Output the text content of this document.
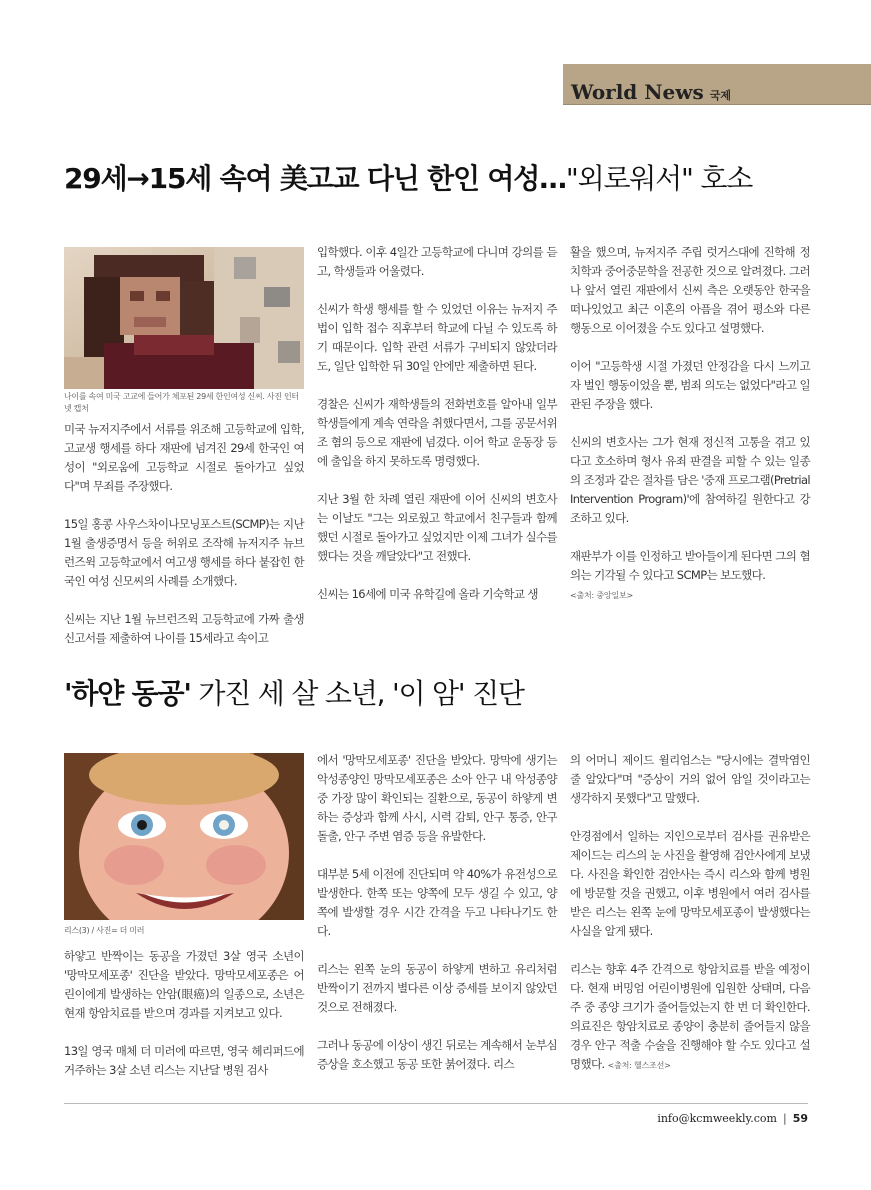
World News 국제
29세→15세 속여 美고교 다닌 한인 여성…"외로워서" 호소
나이를 속여 미국 고교에 들어가 체포된 29세 한인여성 신씨. 사진 인터넷 캡처

미국 뉴저지주에서 서류를 위조해 고등학교에 입학, 고교생 행세를 하다 재판에 넘겨진 29세 한국인 여성이 "외로움에 고등학교 시절로 돌아가고 싶었다"며 무죄를 주장했다.

15일 홍콩 사우스차이나모닝포스트(SCMP)는 지난 1월 출생증명서 등을 허위로 조작해 뉴저지주 뉴브런즈윅 고등학교에서 여고생 행세를 하다 붙잡힌 한국인 여성 신모씨의 사례를 소개했다.

신씨는 지난 1월 뉴브런즈윅 고등학교에 가짜 출생신고서를 제출하여 나이를 15세라고 속이고

입학했다. 이후 4일간 고등학교에 다니며 강의를 듣고, 학생들과 어울렸다.

신씨가 학생 행세를 할 수 있었던 이유는 뉴저지 주법이 입학 접수 직후부터 학교에 다닐 수 있도록 하기 때문이다. 입학 관련 서류가 구비되지 않았더라도, 일단 입학한 뒤 30일 안에만 제출하면 된다.

경찰은 신씨가 재학생들의 전화번호를 알아내 일부 학생들에게 계속 연락을 취했다면서, 그를 공문서위조 혐의 등으로 재판에 넘겼다. 이어 학교 운동장 등에 출입을 하지 못하도록 명령했다.

지난 3월 한 차례 열린 재판에 이어 신씨의 변호사는 이날도 "그는 외로웠고 학교에서 친구들과 함께했던 시절로 돌아가고 싶었지만 이제 그녀가 실수를 했다는 것을 깨달았다"고 전했다.

신씨는 16세에 미국 유학길에 올라 기숙학교 생

활을 했으며, 뉴저지주 주립 럿거스대에 진학해 정치학과 중어중문학을 전공한 것으로 알려졌다. 그러나 앞서 열린 재판에서 신씨 측은 오랫동안 한국을 떠나있었고 최근 이혼의 아픔을 겪어 평소와 다른 행동으로 이어졌을 수도 있다고 설명했다.

이어 "고등학생 시절 가졌던 안정감을 다시 느끼고자 벌인 행동이었을 뿐, 범죄 의도는 없었다"라고 일관된 주장을 했다.

신씨의 변호사는 그가 현재 정신적 고통을 겪고 있다고 호소하며 형사 유죄 판결을 피할 수 있는 일종의 조정과 같은 절차를 담은 '중재 프로그램(Pretrial Intervention Program)'에 참여하길 원한다고 강조하고 있다.

재판부가 이를 인정하고 받아들이게 된다면 그의 혐의는 기각될 수 있다고 SCMP는 보도했다.
<출처: 중앙일보>

'하얀 동공' 가진 세 살 소년, '이 암' 진단
리스(3) / 사진= 더 미러

하얗고 반짝이는 동공을 가졌던 3살 영국 소년이 '망막모세포종' 진단을 받았다. 망막모세포종은 어린이에게 발생하는 안암(眼癌)의 일종으로, 소년은 현재 항암치료를 받으며 경과를 지켜보고 있다.

13일 영국 매체 더 미러에 따르면, 영국 헤리퍼드에 거주하는 3살 소년 리스는 지난달 병원 검사

에서 '망막모세포종' 진단을 받았다. 망막에 생기는 악성종양인 망막모세포종은 소아 안구 내 악성종양 중 가장 많이 확인되는 질환으로, 동공이 하얗게 변하는 증상과 함께 사시, 시력 감퇴, 안구 통증, 안구 돌출, 안구 주변 염증 등을 유발한다.

대부분 5세 이전에 진단되며 약 40%가 유전성으로 발생한다. 한쪽 또는 양쪽에 모두 생길 수 있고, 양쪽에 발생할 경우 시간 간격을 두고 나타나기도 한다.

리스는 왼쪽 눈의 동공이 하얗게 변하고 유리처럼 반짝이기 전까지 별다른 이상 증세를 보이지 않았던 것으로 전해졌다.

그러나 동공에 이상이 생긴 뒤로는 계속해서 눈부심 증상을 호소했고 동공 또한 붉어졌다. 리스

의 어머니 제이드 윌리엄스는 "당시에는 결막염인 줄 알았다"며 "증상이 거의 없어 암일 것이라고는 생각하지 못했다"고 말했다.

안경점에서 일하는 지인으로부터 검사를 권유받은 제이드는 리스의 눈 사진을 촬영해 검안사에게 보냈다. 사진을 확인한 검안사는 즉시 리스와 함께 병원에 방문할 것을 권했고, 이후 병원에서 여러 검사를 받은 리스는 왼쪽 눈에 망막모세포종이 발생했다는 사실을 알게 됐다.

리스는 향후 4주 간격으로 항암치료를 받을 예정이다. 현재 버밍엄 어린이병원에 입원한 상태며, 다음 주 중 종양 크기가 줄어들었는지 한 번 더 확인한다. 의료진은 항암치료로 종양이 충분히 줄어들지 않을 경우 안구 적출 수술을 진행해야 할 수도 있다고 설명했다. <출처: 헬스조선>

info@kcmweekly.com | 59
